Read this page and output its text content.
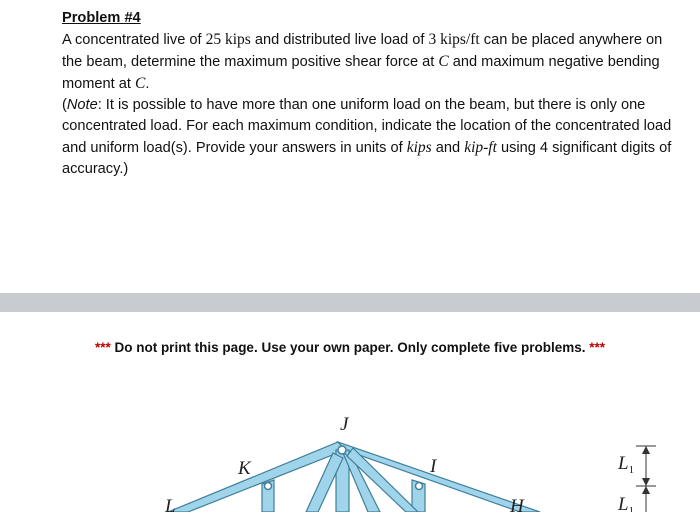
Problem #4

A concentrated live of 25 kips and distributed live load of 3 kips/ft can be placed anywhere on the beam, determine the maximum positive shear force at C and maximum negative bending moment at C.

(Note: It is possible to have more than one uniform load on the beam, but there is only one concentrated load. For each maximum condition, indicate the location of the concentrated load and uniform load(s). Provide your answers in units of kips and kip-ft using 4 significant digits of accuracy.)

*** Do not print this page. Use your own paper. Only complete five problems. ***
J
K	I
L	H
$L_1$
$L_1$
